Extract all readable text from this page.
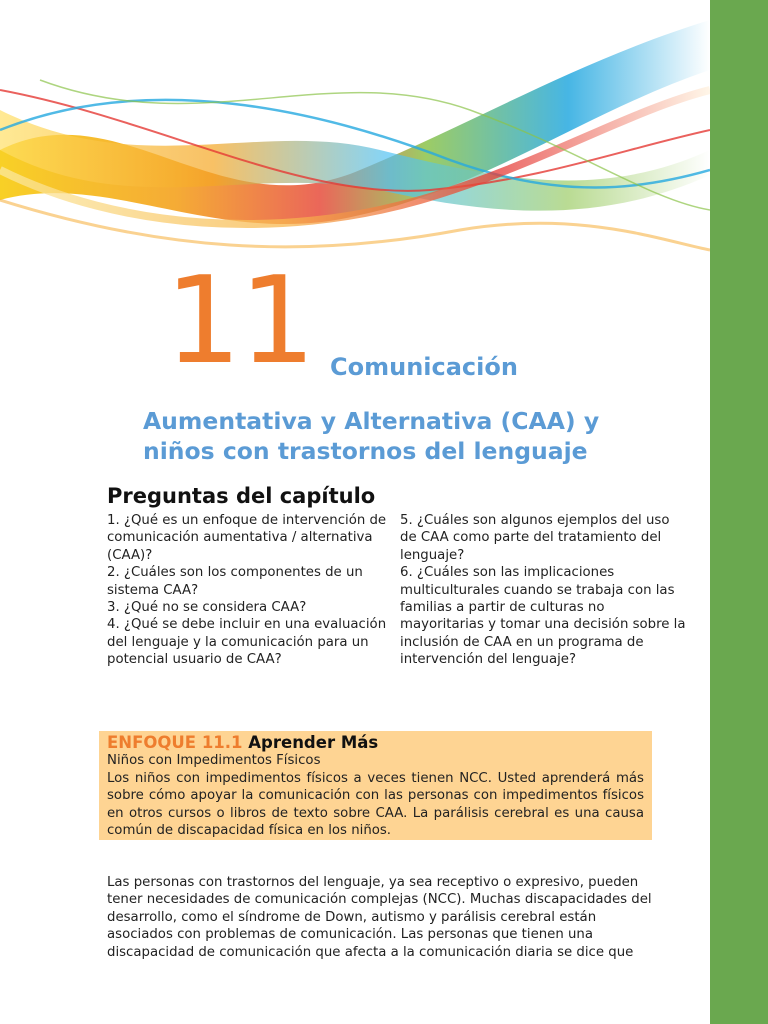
11 Comunicación
Aumentativa y Alternativa (CAA) y niños con trastornos del lenguaje
Preguntas del capítulo
1. ¿Qué es un enfoque de intervención de comunicación aumentativa / alternativa (CAA)?
2. ¿Cuáles son los componentes de un sistema CAA?
3. ¿Qué no se considera CAA?
4. ¿Qué se debe incluir en una evaluación del lenguaje y la comunicación para un potencial usuario de CAA?
5. ¿Cuáles son algunos ejemplos del uso de CAA como parte del tratamiento del lenguaje?
6. ¿Cuáles son las implicaciones multiculturales cuando se trabaja con las familias a partir de culturas no mayoritarias y tomar una decisión sobre la inclusión de CAA en un programa de intervención del lenguaje?
ENFOQUE 11.1 Aprender Más
Niños con Impedimentos Físicos
Los niños con impedimentos físicos a veces tienen NCC. Usted aprenderá más sobre cómo apoyar la comunicación con las personas con impedimentos físicos en otros cursos o libros de texto sobre CAA. La parálisis cerebral es una causa común de discapacidad física en los niños.
Las personas con trastornos del lenguaje, ya sea receptivo o expresivo, pueden tener necesidades de comunicación complejas (NCC). Muchas discapacidades del desarrollo, como el síndrome de Down, autismo y parálisis cerebral están asociados con problemas de comunicación. Las personas que tienen una discapacidad de comunicación que afecta a la comunicación diaria se dice que
